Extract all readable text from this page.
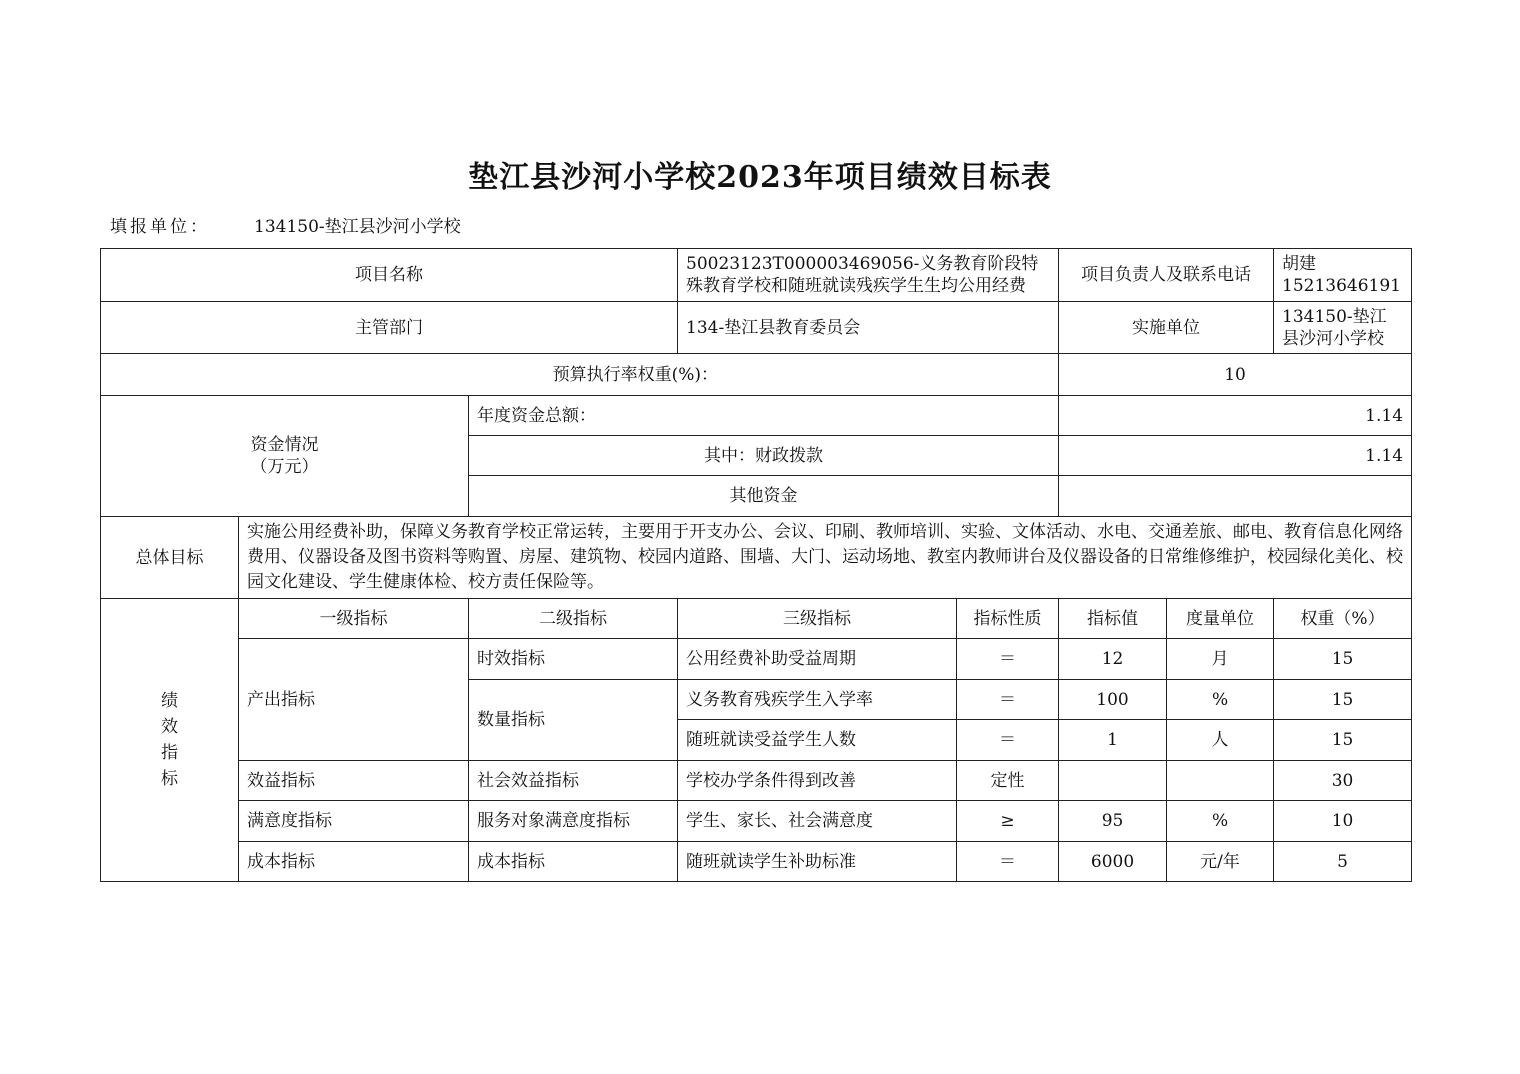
垫江县沙河小学校2023年项目绩效目标表
填报单位：	134150-垫江县沙河小学校
项目名称			50023123T000003469056-义务教育阶段特殊教育学校和随班就读残疾学生生均公用经费		项目负责人及联系电话		胡建 15213646191
主管部门			134-垫江县教育委员会		实施单位		134150-垫江县沙河小学校
预算执行率权重(%)：					10		

资金情况
（万元）		年度资金总额：			1.14		
		其中：财政拨款			1.14		
		其他资金					
总体目标	实施公用经费补助，保障义务教育学校正常运转，主要用于开支办公、会议、印刷、教师培训、实验、文体活动、水电、交通差旅、邮电、教育信息化网络费用、仪器设备及图书资料等购置、房屋、建筑物、校园内道路、围墙、大门、运动场地、教室内教师讲台及仪器设备的日常维修维护，校园绿化美化、校园文化建设、学生健康体检、校方责任保险等。						

绩效指标	一级指标	二级指标	三级指标	指标性质	指标值	度量单位	权重（%）
	产出指标	时效指标	公用经费补助受益周期	＝	12	月	15
		数量指标	义务教育残疾学生入学率	＝	100	%	15
			随班就读受益学生人数	＝	1	人	15
	效益指标	社会效益指标	学校办学条件得到改善	定性			30
	满意度指标	服务对象满意度指标	学生、家长、社会满意度	≥	95	%	10
	成本指标	成本指标	随班就读学生补助标准	＝	6000	元/年	5
